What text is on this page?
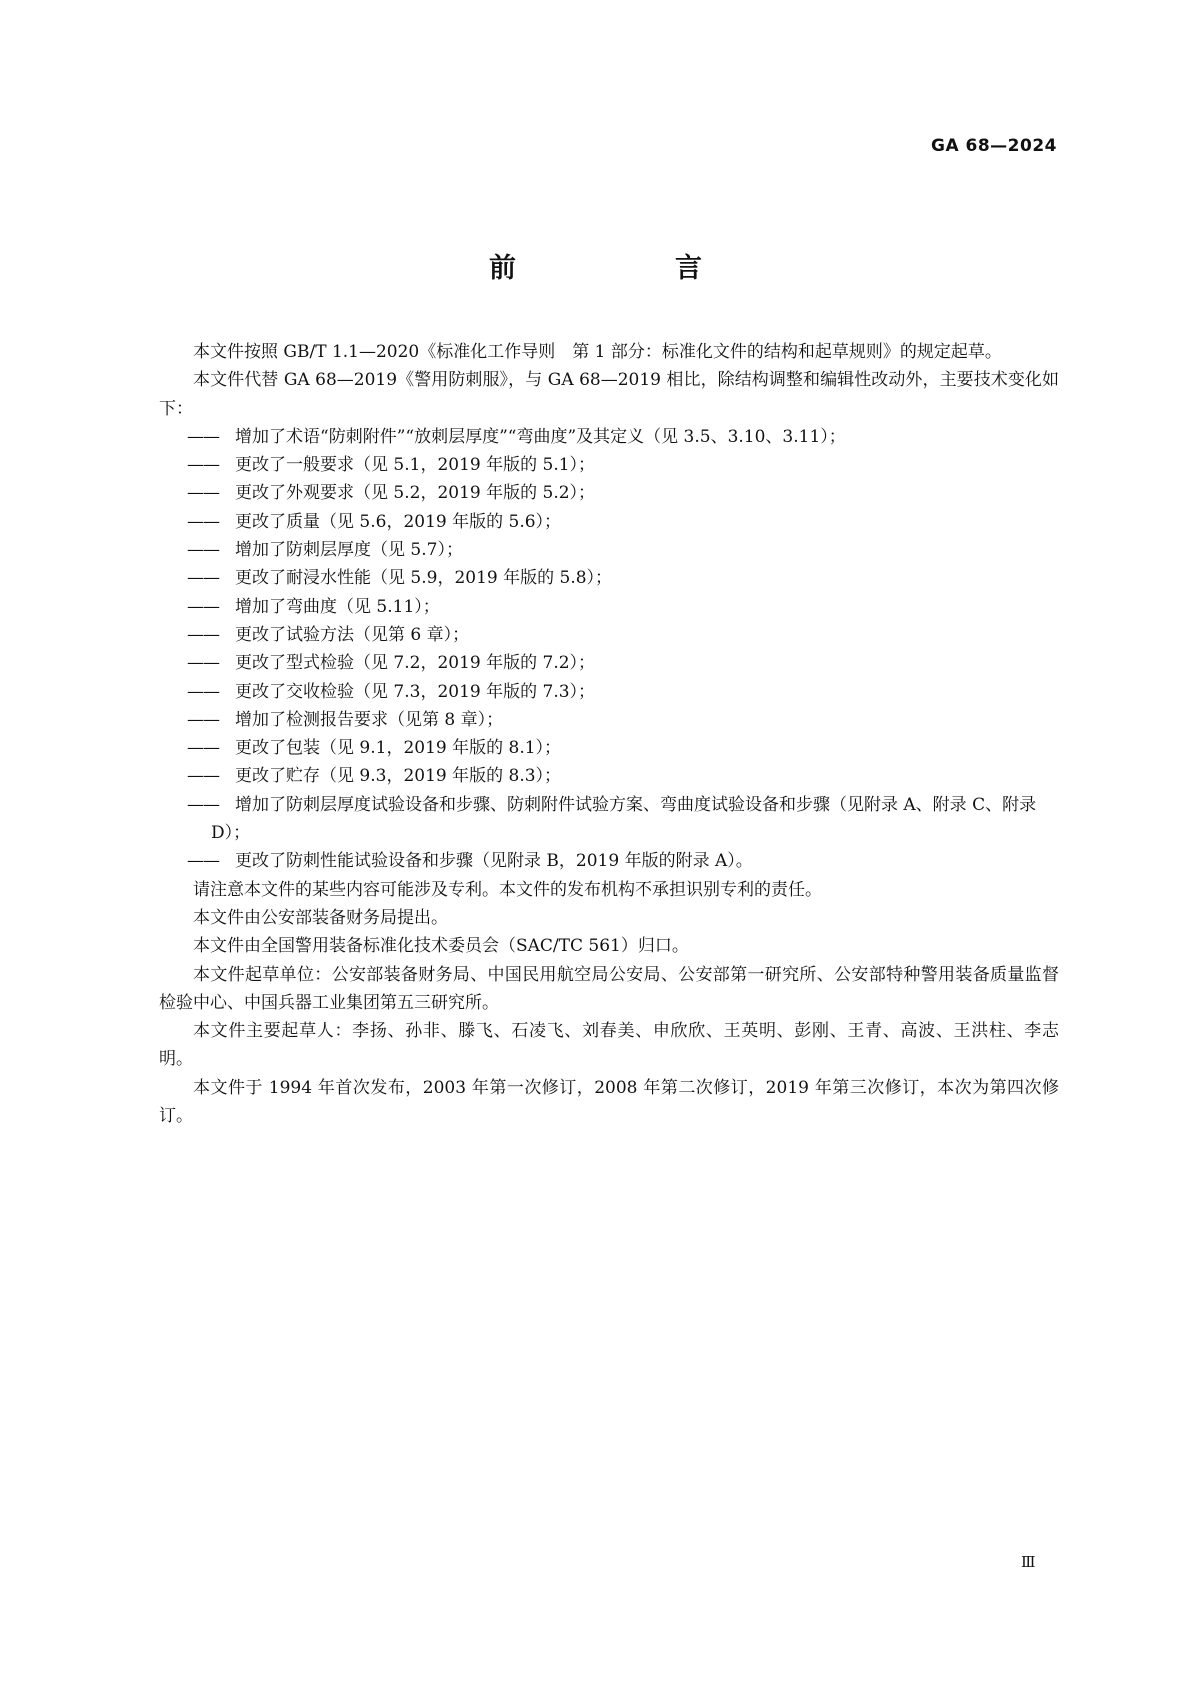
GA 68—2024
前　言

本文件按照 GB/T 1.1—2020《标准化工作导则　第 1 部分：标准化文件的结构和起草规则》的规定起草。

本文件代替 GA 68—2019《警用防刺服》，与 GA 68—2019 相比，除结构调整和编辑性改动外，主要技术变化如下：

—— 增加了术语“防刺附件”“放刺层厚度”“弯曲度”及其定义（见 3.5、3.10、3.11）；
—— 更改了一般要求（见 5.1，2019 年版的 5.1）；
—— 更改了外观要求（见 5.2，2019 年版的 5.2）；
—— 更改了质量（见 5.6，2019 年版的 5.6）；
—— 增加了防刺层厚度（见 5.7）；
—— 更改了耐浸水性能（见 5.9，2019 年版的 5.8）；
—— 增加了弯曲度（见 5.11）；
—— 更改了试验方法（见第 6 章）；
—— 更改了型式检验（见 7.2，2019 年版的 7.2）；
—— 更改了交收检验（见 7.3，2019 年版的 7.3）；
—— 增加了检测报告要求（见第 8 章）；
—— 更改了包装（见 9.1，2019 年版的 8.1）；
—— 更改了贮存（见 9.3，2019 年版的 8.3）；
—— 增加了防刺层厚度试验设备和步骤、防刺附件试验方案、弯曲度试验设备和步骤（见附录 A、附录 C、附录 D）；
—— 更改了防刺性能试验设备和步骤（见附录 B，2019 年版的附录 A）。

请注意本文件的某些内容可能涉及专利。本文件的发布机构不承担识别专利的责任。

本文件由公安部装备财务局提出。

本文件由全国警用装备标准化技术委员会（SAC/TC 561）归口。

本文件起草单位：公安部装备财务局、中国民用航空局公安局、公安部第一研究所、公安部特种警用装备质量监督检验中心、中国兵器工业集团第五三研究所。

本文件主要起草人：李扬、孙非、滕飞、石凌飞、刘春美、申欣欣、王英明、彭刚、王青、高波、王洪柱、李志明。

本文件于 1994 年首次发布，2003 年第一次修订，2008 年第二次修订，2019 年第三次修订，本次为第四次修订。

Ⅲ
